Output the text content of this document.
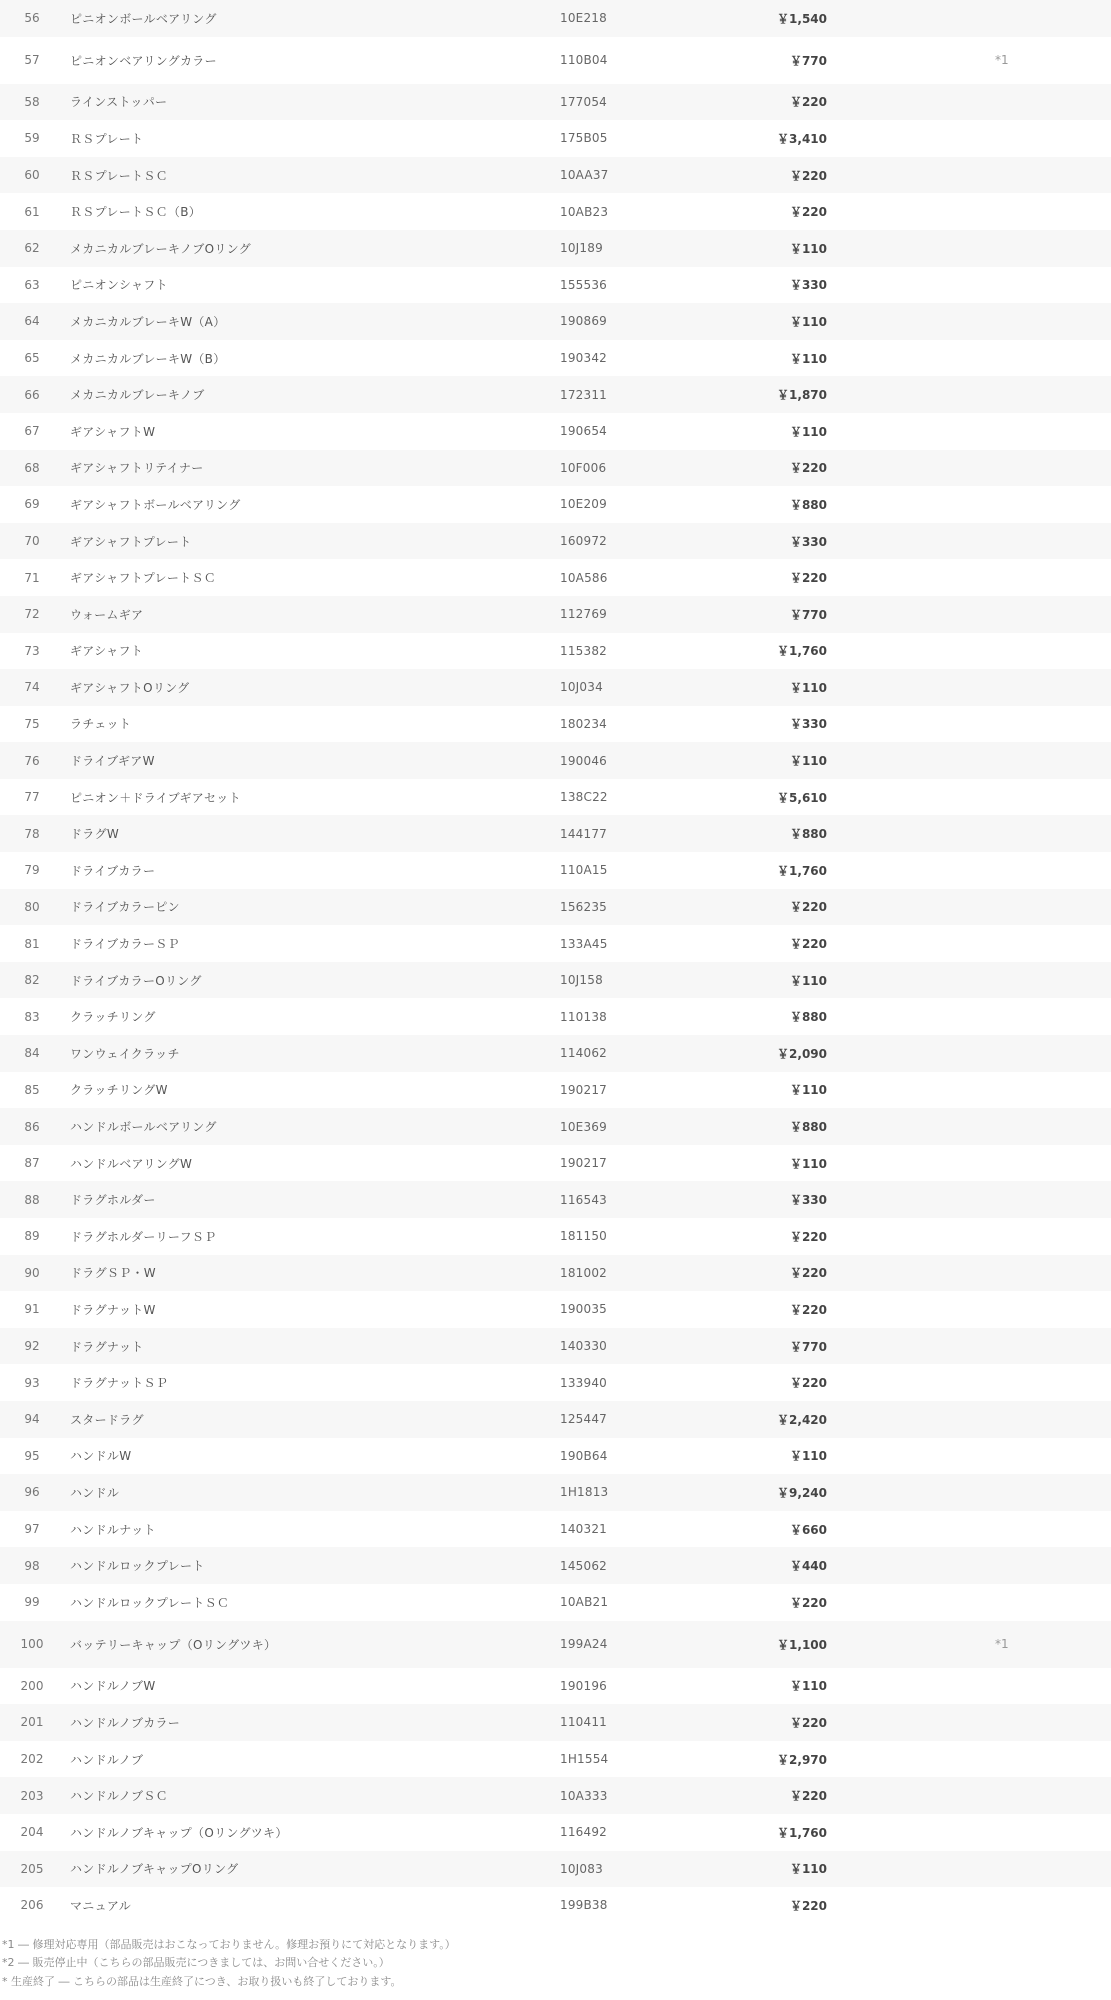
56	ピニオンボールベアリング	10E218	￥1,540	
57	ピニオンベアリングカラー	110B04	￥770	*1
58	ラインストッパー	177054	￥220	
59	ＲＳプレート	175B05	￥3,410	
60	ＲＳプレートＳＣ	10AA37	￥220	
61	ＲＳプレートＳＣ（B）	10AB23	￥220	
62	メカニカルブレーキノブOリング	10J189	￥110	
63	ピニオンシャフト	155536	￥330	
64	メカニカルブレーキW（A）	190869	￥110	
65	メカニカルブレーキW（B）	190342	￥110	
66	メカニカルブレーキノブ	172311	￥1,870	
67	ギアシャフトW	190654	￥110	
68	ギアシャフトリテイナー	10F006	￥220	
69	ギアシャフトボールベアリング	10E209	￥880	
70	ギアシャフトプレート	160972	￥330	
71	ギアシャフトプレートＳＣ	10A586	￥220	
72	ウォームギア	112769	￥770	
73	ギアシャフト	115382	￥1,760	
74	ギアシャフトOリング	10J034	￥110	
75	ラチェット	180234	￥330	
76	ドライブギアW	190046	￥110	
77	ピニオン＋ドライブギアセット	138C22	￥5,610	
78	ドラグW	144177	￥880	
79	ドライブカラー	110A15	￥1,760	
80	ドライブカラーピン	156235	￥220	
81	ドライブカラーＳＰ	133A45	￥220	
82	ドライブカラーOリング	10J158	￥110	
83	クラッチリング	110138	￥880	
84	ワンウェイクラッチ	114062	￥2,090	
85	クラッチリングW	190217	￥110	
86	ハンドルボールベアリング	10E369	￥880	
87	ハンドルベアリングW	190217	￥110	
88	ドラグホルダー	116543	￥330	
89	ドラグホルダーリーフＳＰ	181150	￥220	
90	ドラグＳＰ・W	181002	￥220	
91	ドラグナットW	190035	￥220	
92	ドラグナット	140330	￥770	
93	ドラグナットＳＰ	133940	￥220	
94	スタードラグ	125447	￥2,420	
95	ハンドルW	190B64	￥110	
96	ハンドル	1H1813	￥9,240	
97	ハンドルナット	140321	￥660	
98	ハンドルロックプレート	145062	￥440	
99	ハンドルロックプレートＳＣ	10AB21	￥220	
100	バッテリーキャップ（Oリングツキ）	199A24	￥1,100	*1
200	ハンドルノブW	190196	￥110	
201	ハンドルノブカラー	110411	￥220	
202	ハンドルノブ	1H1554	￥2,970	
203	ハンドルノブＳＣ	10A333	￥220	
204	ハンドルノブキャップ（Oリングツキ）	116492	￥1,760	
205	ハンドルノブキャップOリング	10J083	￥110	
206	マニュアル	199B38	￥220	
*1 ― 修理対応専用（部品販売はおこなっておりません。修理お預りにて対応となります。）
*2 ― 販売停止中（こちらの部品販売につきましては、お問い合せください。）
* 生産終了 ― こちらの部品は生産終了につき、お取り扱いも終了しております。
